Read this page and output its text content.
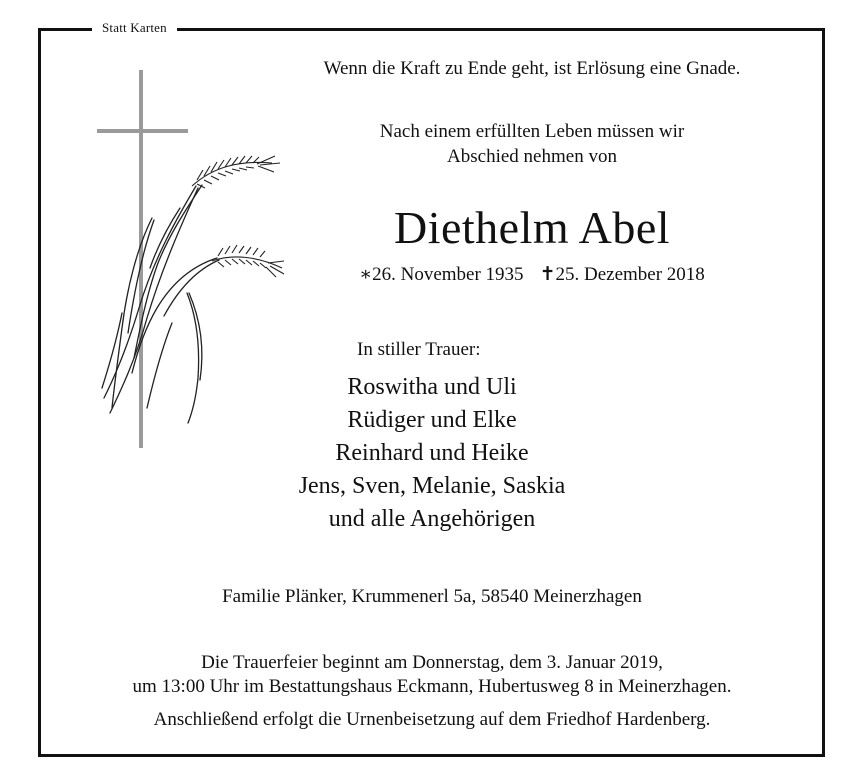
Statt Karten
Wenn die Kraft zu Ende geht, ist Erlösung eine Gnade.
Nach einem erfüllten Leben müssen wir
Abschied nehmen von
Diethelm Abel
∗26. November 1935 ✝25. Dezember 2018
In stiller Trauer:
Roswitha und Uli
Rüdiger und Elke
Reinhard und Heike
Jens, Sven, Melanie, Saskia
und alle Angehörigen
Familie Plänker, Krummenerl 5a, 58540 Meinerzhagen
Die Trauerfeier beginnt am Donnerstag, dem 3. Januar 2019,
um 13:00 Uhr im Bestattungshaus Eckmann, Hubertusweg 8 in Meinerzhagen.
Anschließend erfolgt die Urnenbeisetzung auf dem Friedhof Hardenberg.
